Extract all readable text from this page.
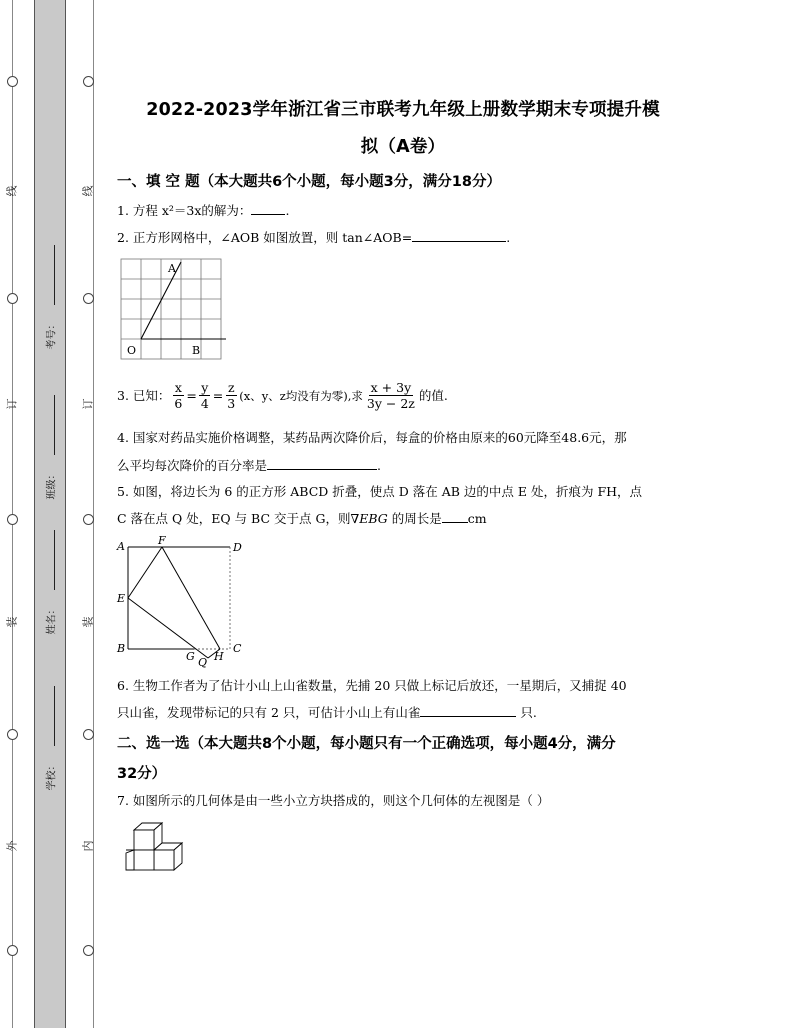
线
订
装
外
线
订
装
内
考号：
班级：
姓名：
学校：
2022-2023学年浙江省三市联考九年级上册数学期末专项提升模
拟（A卷）
一、填 空 题（本大题共6个小题，每小题3分，满分18分）
1. 方程 x²＝3x的解为：	.
2. 正方形网格中，∠AOB 如图放置，则 tan∠AOB=	.
A
O	B
3. 已知： $\frac{x}{6} = \frac{y}{4} = \frac{z}{3} (x$、y、z均没有为零),求 $\frac{x + 3y}{3y - 2z}$ 的值.
4. 国家对药品实施价格调整，某药品两次降价后，每盒的价格由原来的60元降至48.6元，那
么平均每次降价的百分率是	.
5. 如图，将边长为 6 的正方形 ABCD 折叠，使点 D 落在 AB 边的中点 E 处，折痕为 FH，点
C 落在点 Q 处，EQ 与 BC 交于点 G，则∇EBG 的周长是 cm
A	F
D
E
B
G Q H
C
6. 生物工作者为了估计小山上山雀数量，先捕 20 只做上标记后放还，一星期后，又捕捉 40
只山雀，发现带标记的只有 2 只，可估计小山上有山雀	只.
二、选一选（本大题共8个小题，每小题只有一个正确选项，每小题4分，满分
32分）
7. 如图所示的几何体是由一些小立方块搭成的，则这个几何体的左视图是（ ）
